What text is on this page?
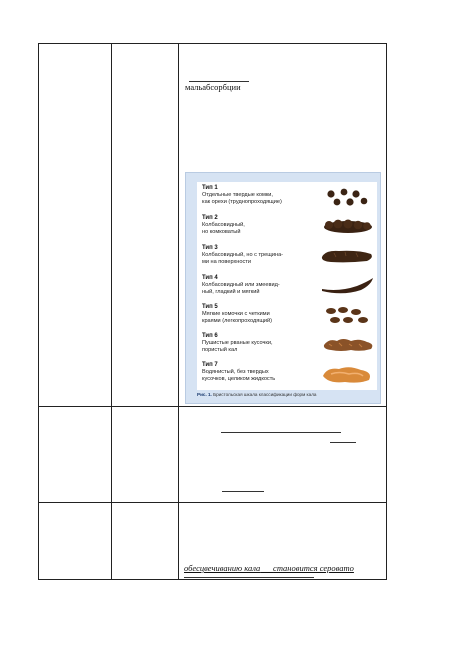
мальабсорбции
Тип 1
Отдельные твердые комки,
как орехи (труднопроходящие)
Тип 2
Колбасовидный,
но комковатый
Тип 3
Колбасовидный, но с трещина-
ми на поверхности
Тип 4
Колбасовидный или змеевид-
ный, гладкий и мягкий
Тип 5
Мягкие комочки с четкими
краями (легкопроходящий)
Тип 6
Пушистые рваные кусочки,
пористый кал
Тип 7
Водянистый, без твердых
кусочков, целиком жидкость
Рис. 1. Бристольская шкала классификации форм кала
обесцвечиванию кала становится серовато
